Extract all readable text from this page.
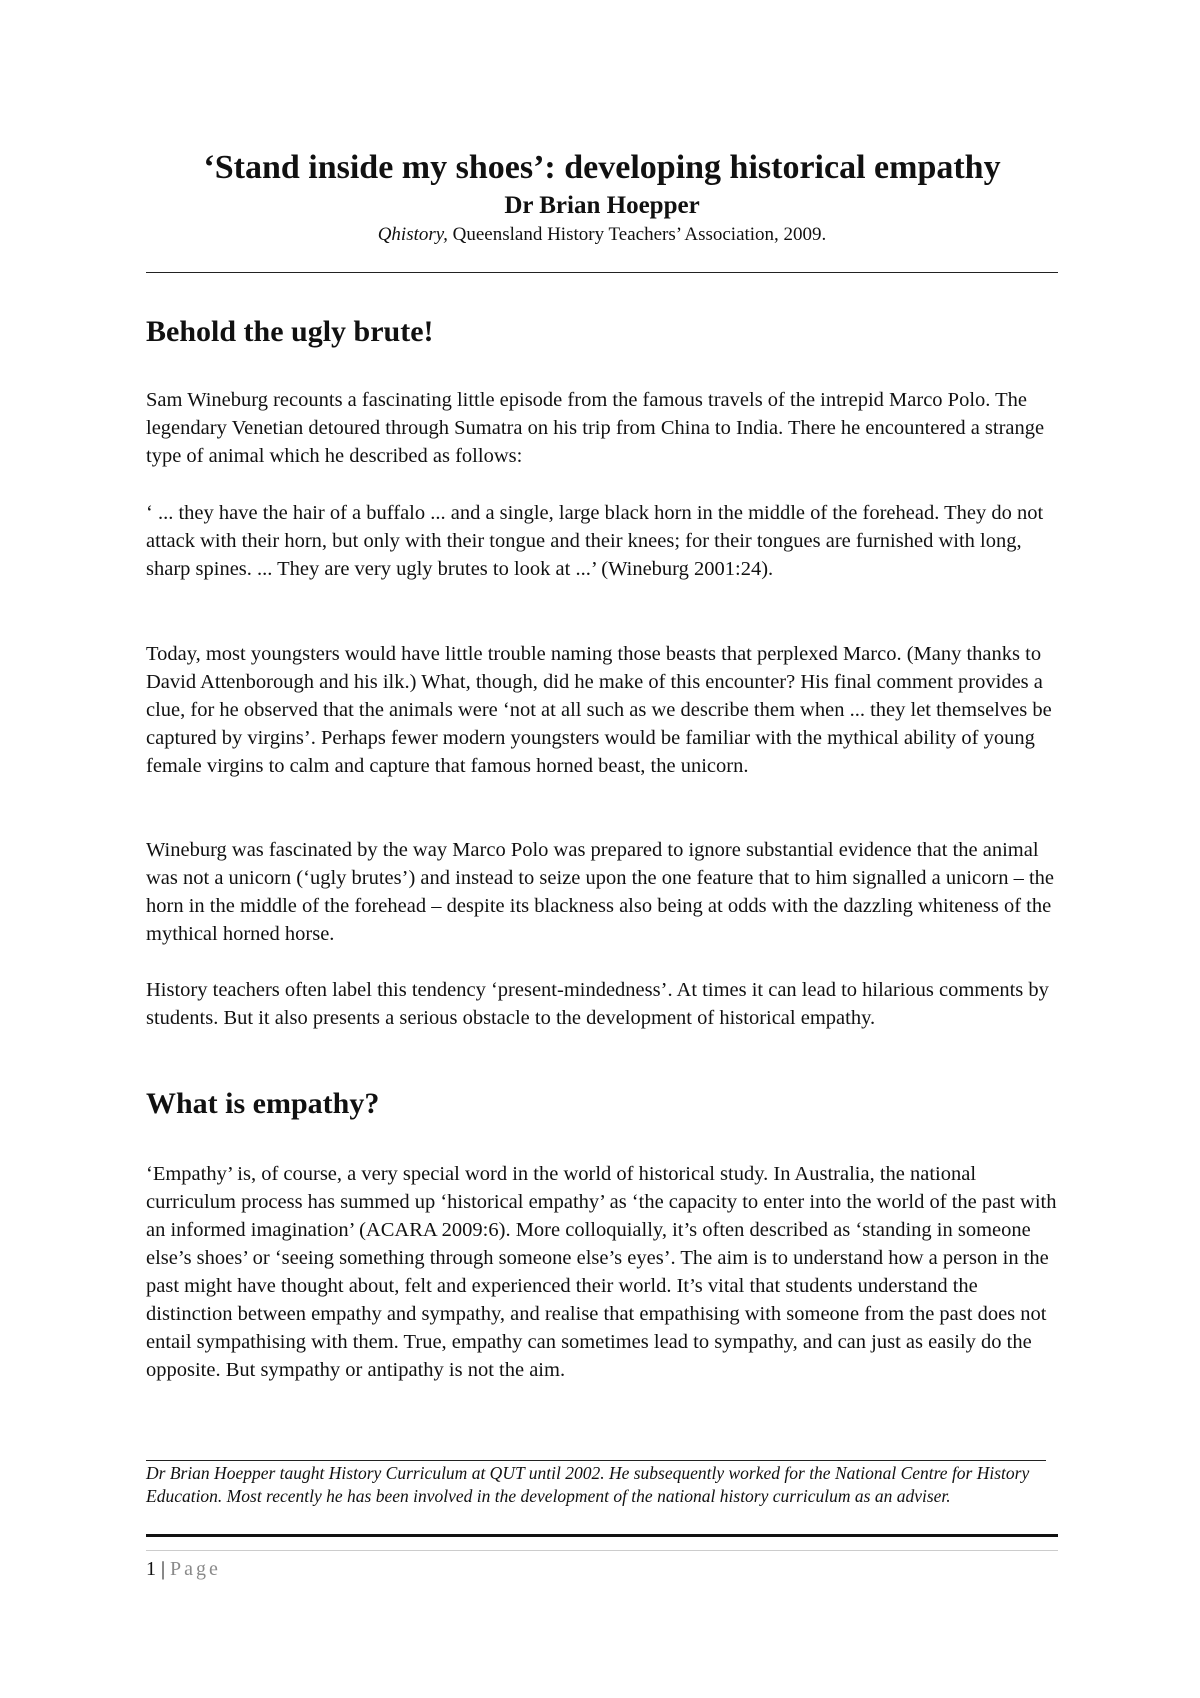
‘Stand inside my shoes’: developing historical empathy

Dr Brian Hoepper

Qhistory, Queensland History Teachers’ Association, 2009.

Behold the ugly brute!

Sam Wineburg recounts a fascinating little episode from the famous travels of the intrepid Marco Polo. The legendary Venetian detoured through Sumatra on his trip from China to India. There he encountered a strange type of animal which he described as follows:

‘ ... they have the hair of a buffalo ... and a single, large black horn in the middle of the forehead. They do not attack with their horn, but only with their tongue and their knees; for their tongues are furnished with long, sharp spines. ... They are very ugly brutes to look at ...’ (Wineburg 2001:24).

Today, most youngsters would have little trouble naming those beasts that perplexed Marco. (Many thanks to David Attenborough and his ilk.) What, though, did he make of this encounter? His final comment provides a clue, for he observed that the animals were ‘not at all such as we describe them when ... they let themselves be captured by virgins’. Perhaps fewer modern youngsters would be familiar with the mythical ability of young female virgins to calm and capture that famous horned beast, the unicorn.

Wineburg was fascinated by the way Marco Polo was prepared to ignore substantial evidence that the animal was not a unicorn (‘ugly brutes’) and instead to seize upon the one feature that to him signalled a unicorn – the horn in the middle of the forehead – despite its blackness also being at odds with the dazzling whiteness of the mythical horned horse.

History teachers often label this tendency ‘present-mindedness’. At times it can lead to hilarious comments by students. But it also presents a serious obstacle to the development of historical empathy.

What is empathy?

‘Empathy’ is, of course, a very special word in the world of historical study. In Australia, the national curriculum process has summed up ‘historical empathy’ as ‘the capacity to enter into the world of the past with an informed imagination’ (ACARA 2009:6). More colloquially, it’s often described as ‘standing in someone else’s shoes’ or ‘seeing something through someone else’s eyes’. The aim is to understand how a person in the past might have thought about, felt and experienced their world. It’s vital that students understand the distinction between empathy and sympathy, and realise that empathising with someone from the past does not entail sympathising with them. True, empathy can sometimes lead to sympathy, and can just as easily do the opposite. But sympathy or antipathy is not the aim.

Dr Brian Hoepper taught History Curriculum at QUT until 2002. He subsequently worked for the National Centre for History Education. Most recently he has been involved in the development of the national history curriculum as an adviser.

1 | Page
